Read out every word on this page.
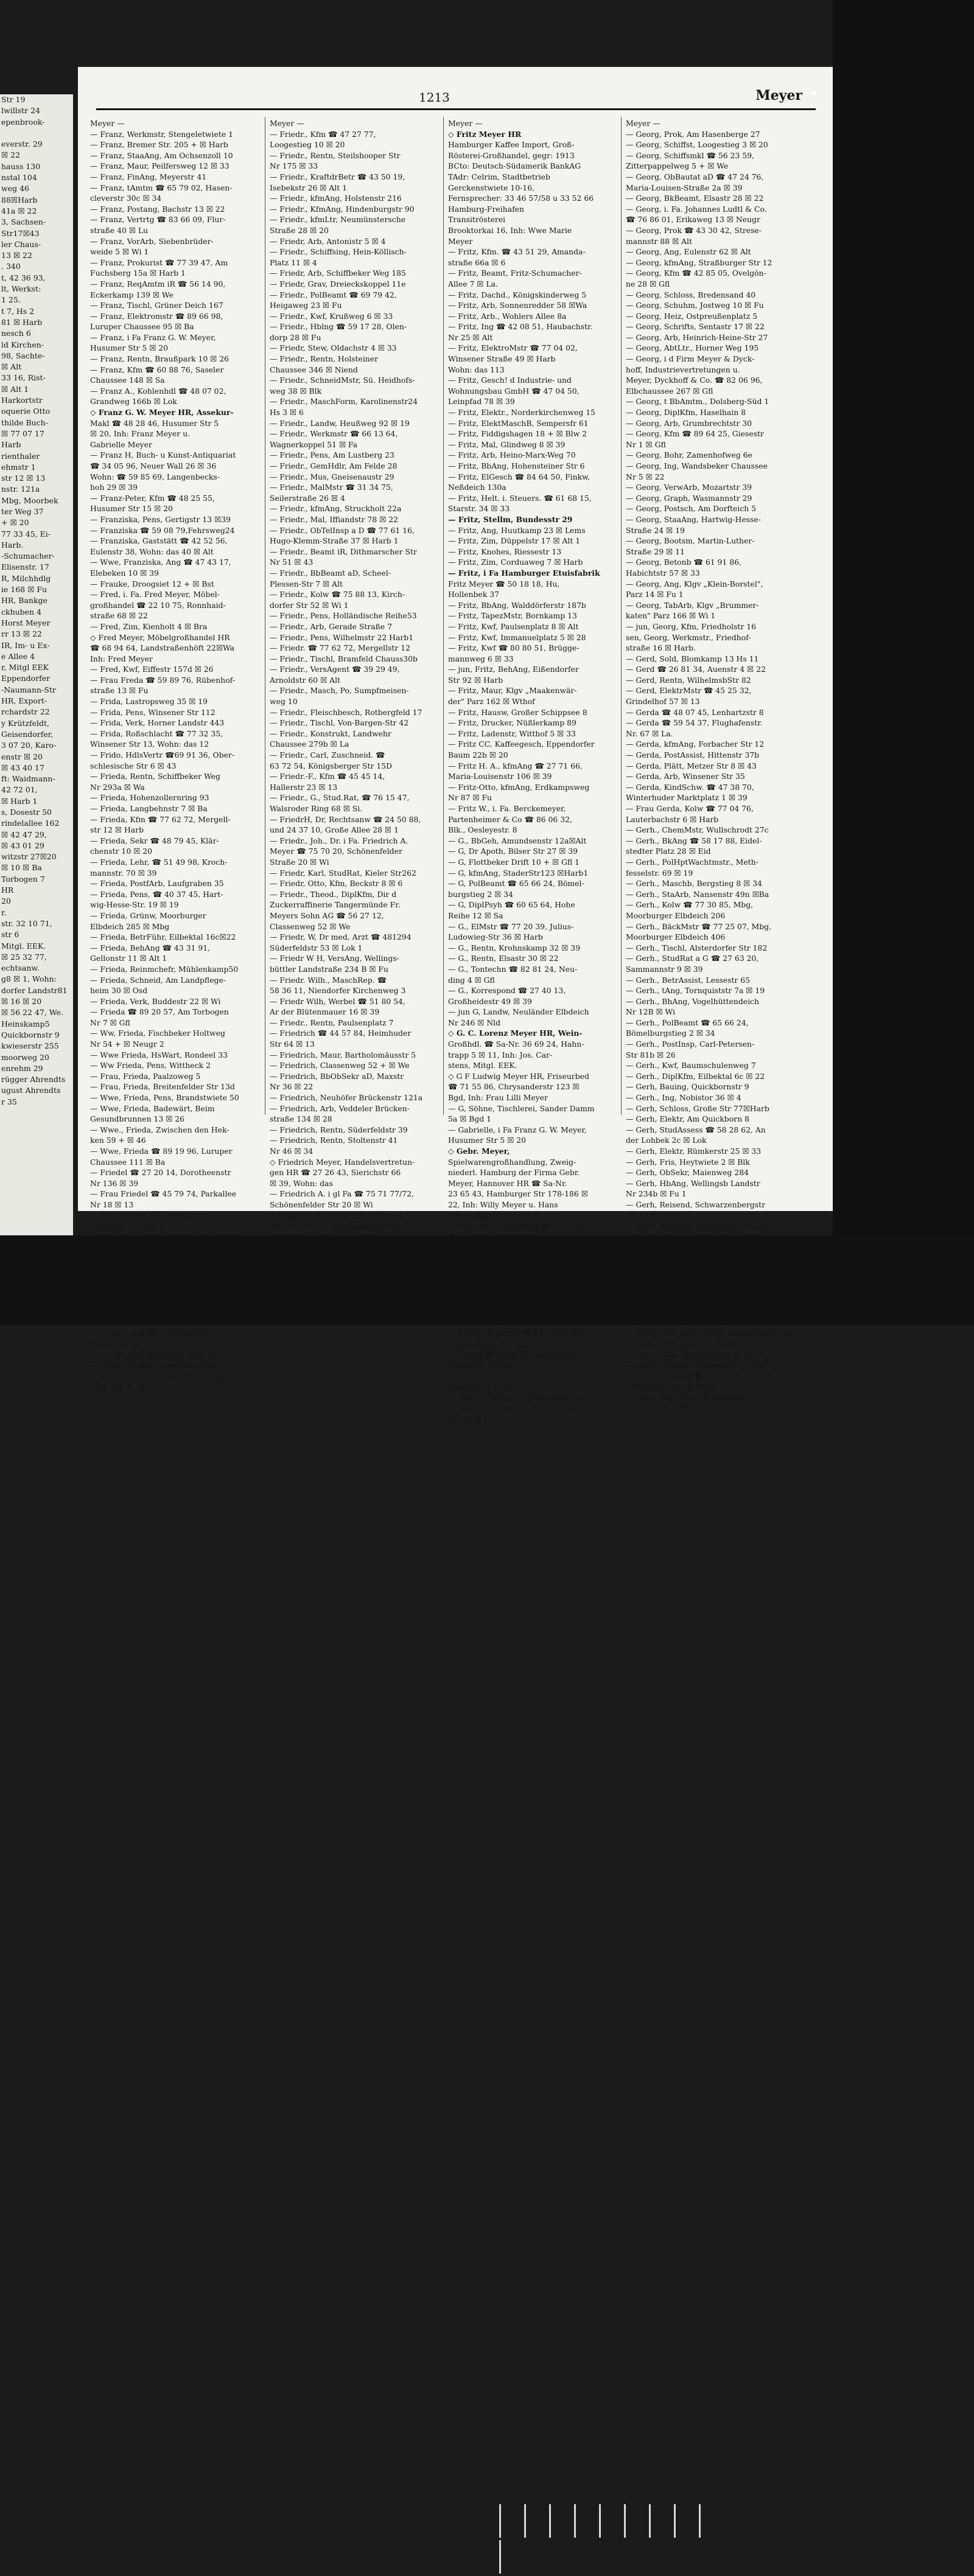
Str 19
lwillstr 24
epenbrook-

everstr. 29
☒ 22
hauss 130
nstal 104
weg 46
88☒Harb
41a ☒ 22
3, Sachsen-
Str17☒43
ler Chaus-
13 ☒ 22
. 340
t, 42 36 93,
lt, Werkst:
1 25.
t 7, Hs 2
81 ☒ Harb
nesch 6
ld Kirchen-
98, Sachte-
☒ Alt
33 16, Rist-
☒ Alt 1
Harkortstr
oquerie Otto
thilde Buch-
☒ 77 07 17
Harb
rienthaler
ehmstr 1
str 12 ☒ 13
nstr. 121a
Mbg, Moorbek
ter Weg 37
+ ☒ 20
77 33 45, Ei-
Harb.
-Schumacher-
Elisenstr. 17
R, Milchhdlg
ie 168 ☒ Fu
HR, Bankge
ckhuben 4
Horst Meyer
rr 13 ☒ 22
IR, Im- u Ex-
e Allee 4
r, Mitgl EEK
Eppendorfer
-Naumann-Str
HR, Export-
rchardstr 22
y Krützfeldt,
Geisendorfer,
3 07 20, Karo-
enstr ☒ 20
☒ 43 40 17
ft: Waidmann-
42 72 01,
☒ Harb 1
s, Dosestr 50
rindelallee 162
☒ 42 47 29,
☒ 43 01 29
witzstr 27☒20
☒ 10 ☒ Ba
Torbogen 7
HR
20
r.
str. 32 10 71,
str 6
Mitgl. EEK.
☒ 25 32 77,
echtsanw.
g8 ☒ 1, Wohn:
dorfer Landstr81
☒ 16 ☒ 20
☒ 56 22 47, We.
Heinskamp5
Quickbornstr 9
kwieserstr 255
moorweg 20
enrehm 29
rügger Ahrendts
ugust Ahrendts
r 35
1213	Meyer
Meyer —
— Franz, Werkmstr, Stengeletwiete 1
— Franz, Bremer Str. 205 + ☒ Harb
— Franz, StaaAng, Am Ochsenzoll 10
— Franz, Maur, Peilfersweg 12 ☒ 33
— Franz, FinAng, Meyerstr 41
— Franz, tAmtm ☎ 65 79 02, Hasen-
cleverstr 30c ☒ 34
— Franz, Postang, Bachstr 13 ☒ 22
— Franz, Vertrtg ☎ 83 66 09, Flur-
straße 40 ☒ Lu
— Franz, VorArb, Siebenbrüder-
weide 5 ☒ Wi 1
— Franz, Prokurist ☎ 77 39 47, Am
Fuchsberg 15a ☒ Harb 1
— Franz, ReqAmtm iR ☎ 56 14 90,
Eckerkamp 139 ☒ We
— Franz, Tischl, Grüner Deich 167
— Franz, Elektromstr ☎ 89 66 98,
Luruper Chaussee 95 ☒ Ba
— Franz, i Fa Franz G. W. Meyer,
Husumer Str 5 ☒ 20
— Franz, Rentn, Braußpark 10 ☒ 26
— Franz, Kfm ☎ 60 88 76, Saseler
Chaussee 148 ☒ Sa
— Franz A., Kohlenhdl ☎ 48 07 02,
Grandweg 166b ☒ Lok
◇ Franz G. W. Meyer HR, Assekur-
Makl ☎ 48 28 46, Husumer Str 5
☒ 20, Inh: Franz Meyer u.
Gabrielle Meyer
— Franz H, Buch- u Kunst-Antiquariat
☎ 34 05 96, Neuer Wall 26 ☒ 36
Wohn: ☎ 59 85 69, Langenbecks-
hoh 29 ☒ 39
— Franz-Peter, Kfm ☎ 48 25 55,
Husumer Str 15 ☒ 20
— Franziska, Pens, Gertigstr 13 ☒39
— Franziska ☎ 59 08 79,Fehrsweg24
— Franziska, Gaststätt ☎ 42 52 56,
Eulenstr 38, Wohn: das 40 ☒ Alt
— Wwe, Franziska, Ang ☎ 47 43 17,
Elebeken 10 ☒ 39
— Frauke, Droogsiet 12 + ☒ Bst
— Fred, i. Fa. Fred Meyer, Möbel-
großhandel ☎ 22 10 75, Ronnhaid-
straße 68 ☒ 22
— Fred, Zim, Kienholt 4 ☒ Bra
◇ Fred Meyer, Möbelgroßhandel HR
☎ 68 94 64, Landstraßenhöft 22☒Wa
Inh: Fred Meyer
— Fred, Kwf, Eiffestr 157d ☒ 26
— Frau Freda ☎ 59 89 76, Rübenhof-
straße 13 ☒ Fu
— Frida, Lastropsweg 35 ☒ 19
— Frida, Pens, Winsener Str 112
— Frida, Verk, Horner Landstr 443
— Frida, Roßschlacht ☎ 77 32 35,
Winsener Str 13, Wohn: das 12
— Frido, HdlsVertr ☎69 91 36, Ober-
schlesische Str 6 ☒ 43
— Frieda, Rentn, Schiffbeker Weg
Nr 293a ☒ Wa
— Frieda, Hohenzollernring 93
— Frieda, Langbehnstr 7 ☒ Ba
— Frieda, Kfm ☎ 77 62 72, Mergell-
str 12 ☒ Harb
— Frieda, Sekr ☎ 48 79 45, Klär-
chenstr 10 ☒ 20
— Frieda, Lehr, ☎ 51 49 98, Kroch-
mannstr. 70 ☒ 39
— Frieda, PostfArb, Laufgraben 35
— Frieda, Pens, ☎ 40 37 45, Hart-
wig-Hesse-Str. 19 ☒ 19
— Frieda, Grünw, Moorburger
Elbdeich 285 ☒ Mbg
— Frieda, BetrFühr, Eilbektal 16c☒22
— Frieda, BehAng ☎ 43 31 91,
Gellonstr 11 ☒ Alt 1
— Frieda, Reinmchefr, Mühlenkamp50
— Frieda, Schneid, Am Landpflege-
heim 30 ☒ Osd
— Frieda, Verk, Buddestr 22 ☒ Wi
— Frieda ☎ 89 20 57, Am Torbogen
Nr 7 ☒ Gfl
— Ww, Frieda, Fischbeker Holtweg
Nr 54 + ☒ Neugr 2
— Wwe Frieda, HsWart, Rondeel 33
— Ww Frieda, Pens, Wittheck 2
— Frau, Frieda, Paalzoweg 5
— Frau, Frieda, Breitenfelder Str 13d
— Wwe, Frieda, Pens, Brandstwiete 50
— Wwe, Frieda, Badewärt, Beim
Gesundbrunnen 13 ☒ 26
— Wwe., Frieda, Zwischen den Hek-
ken 59 + ☒ 46
— Wwe, Frieda ☎ 89 19 96, Luruper
Chaussee 111 ☒ Ba
— Friedel ☎ 27 20 14, Dorotheenstr
Nr 136 ☒ 39
— Frau Friedel ☎ 45 79 74, Parkallee
Nr 18 ☒ 13
— Ww, Friedel, Joh, KrkhsAng,
Jägerlaul 3 ☒ Lok 1
— Friedr., HafArb, Holländische
Reihe 7 ☒ Alt
— Friedr, Ing, Wiesenstr 33 ☒ 19
— Friedr, Schloss, Aue-Insel 13b
— Friedr, Bauarb, Klgv „Lehmkoppel,
Parz 234 ☒ 34
Meyer —
— Friedr., Kfm ☎ 47 27 77,
Loogestieg 10 ☒ 20
— Friedr., Rentn, Steilshooper Str
Nr 175 ☒ 33
— Friedr., KraftdrBetr ☎ 43 50 19,
Isebekstr 26 ☒ Alt 1
— Friedr., kfmAng, Holstenstr 216
— Friedr., KfmAng, Hindenburgstr 90
— Friedr., kfmLtr, Neumünstersche
Straße 28 ☒ 20
— Friedr, Arb, Antonistr 5 ☒ 4
— Friedr., Schiffsing, Hein-Köllisch-
Platz 11 ☒ 4
— Friedr, Arb, Schiffbeker Weg 185
— Friedr, Grav, Dreieckskoppel 11e
— Friedr., PolBeamt ☎ 69 79 42,
Heigaweg 23 ☒ Fu
— Friedr., Kwf, Krußweg 6 ☒ 33
— Friedr., Hblng ☎ 59 17 28, Olen-
dorp 28 ☒ Fu
— Friedr, Stew, Oldachstr 4 ☒ 33
— Friedr., Rentn, Holsteiner
Chaussee 346 ☒ Niend
— Friedr., SchneidMstr, Sü. Heidhofs-
weg 38 ☒ Blk
— Friedr., MaschForm, Karolinenstr24
Hs 3 ☒ 6
— Friedr., Landw, Heußweg 92 ☒ 19
— Friedr., Werkmstr ☎ 66 13 64,
Wagnerkoppel 51 ☒ Fa
— Friedr., Pens, Am Lustberg 23
— Friedr., GemHdlr, Am Felde 28
— Friedr., Mus, Gneisenaustr 29
— Friedr., MalMstr ☎ 31 34 75,
Seilerstraße 26 ☒ 4
— Friedr., kfmAng, Struckholt 22a
— Friedr., Mal, Iffiandstr 78 ☒ 22
— Friedr., ObTelInsp a D ☎ 77 61 16,
Hugo-Klemm-Straße 37 ☒ Harb 1
— Friedr., Beamt iR, Dithmarscher Str
Nr 51 ☒ 43
— Friedr., BbBeamt aD, Scheel-
Plessen-Str 7 ☒ Alt
— Friedr., Kolw ☎ 75 88 13, Kirch-
dorfer Str 52 ☒ Wi 1
— Friedr., Pens, Holländische Reihe53
— Friedr., Arb, Gerade Straße 7
— Friedr., Pens, Wilhelmstr 22 Harb1
— Friedr. ☎ 77 62 72, Mergellstr 12
— Friedr., Tischl, Bramfeld Chauss30b
— Friedr., VersAgent ☎ 39 29 49,
Arnoldstr 60 ☒ Alt
— Friedr., Masch, Po, Sumpfmeisen-
weg 10
— Friedr., Fleischbesch, Rotbergfeld 17
— Friedr., Tischl, Von-Bargen-Str 42
— Friedr., Konstrukt, Landwehr
Chaussee 279b ☒ La
— Friedr., Carl, Zuschneid. ☎
63 72 54, Königsberger Str 15D
— Friedr.-F., Kfm ☎ 45 45 14,
Hallerstr 23 ☒ 13
— Friedr., G., Stud.Rat, ☎ 76 15 47,
Walsroder Ring 68 ☒ Si.
— FriedrH, Dr, Rechtsanw ☎ 24 50 88,
und 24 37 10, Große Allee 28 ☒ 1
— Friedr., Joh., Dr. i Fa. Friedrich A.
Meyer ☎ 75 70 20, Schönenfelder
Straße 20 ☒ Wi
— Friedr, Karl, StudRat, Kieler Str262
— Friedr, Otto, Kfm, Beckstr 8 ☒ 6
— Friedr., Theod., DiplKfm, Dir d
Zuckerraffinerie Tangermünde Fr.
Meyers Sohn AG ☎ 56 27 12,
Classenweg 52 ☒ We
— Friedr, W, Dr med, Arzt ☎ 481294
Süderfeldstr 53 ☒ Lok 1
— Friedr W H, VersAng, Wellings-
büttler Landstraße 234 B ☒ Fu
— Friedr. Wilh., MaschRep. ☎
58 36 11, Niendorfer Kirchenweg 3
— Friedr Wilh, Werbel ☎ 51 80 54,
Ar der Blütenmauer 16 ☒ 39
— Friedr., Rentn, Paulsenplatz 7
— Friedrich ☎ 44 57 84, Heimhuder
Str 64 ☒ 13
— Friedrich, Maur, Bartholomäusstr 5
— Friedrich, Classenweg 52 + ☒ We
— Friedrich, BbObSekr aD, Maxstr
Nr 36 ☒ 22
— Friedrich, Neuhöfer Brückenstr 121a
— Friedrich, Arb, Veddeler Brücken-
straße 134 ☒ 28
— Friedrich, Rentn, Süderfeldstr 39
— Friedrich, Rentn, Stoltenstr 41
Nr 46 ☒ 34
◇ Friedrich Meyer, Handelsvertretun-
gen HR ☎ 27 26 43, Sierichstr 66
☒ 39, Wohn: das
— Friedrich A. i gl Fa ☎ 75 71 77/72,
Schönenfelder Str 20 ☒ Wi
◇ Friedrich A. Meyer HR Bäckerei
☎ 75 71 71/72, Schönenfelder Str
Meyer —
◇ Fritz Meyer HR
Hamburger Kaffee Import, Groß-
Rösterei-Großhandel, gegr: 1913
BCto: Deutsch-Südamerik BankAG
TAdr: Celrim, Stadtbetrieb
Gerckenstwiete 10-16,
Fernsprecher: 33 46 57/58 u 33 52 66
Hamburg-Freihafen
Transitrösterei
Brooktorkai 16, Inh: Wwe Marie
Meyer
— Fritz, Kfm. ☎ 43 51 29, Amanda-
straße 66a ☒ 6
— Fritz, Beamt, Fritz-Schumacher-
Allee 7 ☒ La.
— Fritz, Dachd., Königskinderweg 5
— Fritz, Arb, Sonnenredder 58 ☒Wa
— Fritz, Arb., Wohlers Allee 8a
— Fritz, Ing ☎ 42 08 51, Haubachstr.
Nr 25 ☒ Alt
— Fritz, ElektroMstr ☎ 77 04 02,
Winsener Straße 49 ☒ Harb
Wohn: das 113
— Fritz, Gesch! d Industrie- und
Wohnungsbau GmbH ☎ 47 04 50,
Leinpfad 78 ☒ 39
— Fritz, Elektr., Norderkirchenweg 15
— Fritz, ElektMaschB, Sempersfr 61
— Fritz, Fiddigshagen 18 + ☒ Blw 2
— Fritz, Mal, Glindweg 8 ☒ 39
— Fritz, Arb, Heino-Marx-Weg 70
— Fritz, BbAng, Hohensteiner Str 6
— Fritz, ElGesch ☎ 84 64 50, Finkw,
Neßdeich 130a
— Fritz, Helt. i. Steuers. ☎ 61 68 15,
Starstr. 34 ☒ 33
— Fritz, Stellm, Bundesstr 29
— Fritz, Ang, Huutkamp 23 ☒ Lems
— Fritz, Zim, Düppelstr 17 ☒ Alt 1
— Fritz, Knohes, Riessestr 13
— Fritz, Zim, Corduaweg 7 ☒ Harb
— Fritz, i Fa Hamburger Etuisfabrik
Fritz Meyer ☎ 50 18 18, Hu,
Hollenbek 37
— Fritz, BbAng, Walddörferstr 187b
— Fritz, TapezMstr, Bornkamp 13
— Fritz, Kwf, Paulsenplatz 8 ☒ Alt
— Fritz, Kwf, Immanuelplatz 5 ☒ 28
— Fritz, Kwf ☎ 80 80 51, Brügge-
mannweg 6 ☒ 33
— jun, Fritz, BehAng, Eißendorfer
Str 92 ☒ Harb
— Fritz, Maur, Klgv „Maakenwär-
der" Parz 162 ☒ Wthof
— Fritz, Hausw, Großer Schippsee 8
— Fritz, Drucker, Nüßlerkamp 89
— Fritz, Ladenstr, Witthof 5 ☒ 33
— Fritz CC, Kaffeegesch, Eppendorfer
Baum 22b ☒ 20
— Fritz H. A., kfmAng ☎ 27 71 66,
Maria-Louisenstr 106 ☒ 39
— Fritz-Otto, kfmAng, Erdkampsweg
Nr 87 ☒ Fu
— Fritz W., i. Fa. Berckemeyer,
Partenheimer & Co ☎ 86 06 32,
Blk., Oesleyestr. 8
— G., BbGeh, Amundsenstr 12a☒Alt
— G, Dr Apoth, Bilser Str 27 ☒ 39
— G, Flottbeker Drift 10 + ☒ Gfl 1
— G, kfmAng, StaderStr123 ☒Harb1
— G, PolBeamt ☎ 65 66 24, Bömel-
burgstieg 2 ☒ 34
— G, DiplPsyh ☎ 60 65 64, Hohe
Reihe 12 ☒ Sa
— G., ElMstr ☎ 77 20 39, Julius-
Ludowieg-Str 36 ☒ Harb
— G., Rentn, Krohnskamp 32 ☒ 39
— G., Rentn, Elsastr 30 ☒ 22
— G., Tontechn ☎ 82 81 24, Neu-
ding 4 ☒ Gfl
— G., Korrespond ☎ 27 40 13,
Großheidestr 49 ☒ 39
— jun G, Landw, Neuländer Elbdeich
Nr 246 ☒ Nld
◇ G. C. Lorenz Meyer HR, Wein-
Großhdl. ☎ Sa-Nr. 36 69 24, Hahn-
trapp 5 ☒ 11, Inh: Jos. Car-
stens, Mitgl. EEK.
◇ G F Ludwig Meyer HR, Friseurbed
☎ 71 55 86, Chrysanderstr 123 ☒
Bgd, Inh: Frau Lilli Meyer
— G, Söhne, Tischlerei, Sander Damm
5a ☒ Bgd 1
— Gabrielle, i Fa Franz G. W. Meyer,
Husumer Str 5 ☒ 20
◇ Gebr. Meyer,
Spielwarengroßhandlung, Zweig-
niederl. Hamburg der Firma Gebr.
Meyer, Hannover HR ☎ Sa-Nr.
23 65 43, Hamburger Str 178-186 ☒
22, Inh: Willy Meyer u. Hans
Meyer, beide Hannover
— Gebr, Wwe, Milchhdl ☎ 42 81 41,
— Georg, Zigarren ☎ 21 70 45, Sie-
vekingsallee 100 ☒ 26
— Georg ☎ 62 89 05, Volksdorfer
Damm 85 ☒ Bgst
— Georg, PostbetrAssist, i. R., Peif-
fersweg 17 ☒ 33
— Georg, Filmvorf, Colonnaden 15
— Georg, KondMstr., An der Alster
Nr. 81 ☒ 1
Meyer —
— Georg, Prok, Am Hasenberge 27
— Georg, Schiffst, Loogestieg 3 ☒ 20
— Georg, Schiffsmkl ☎ 56 23 59,
Zitterpappelweg 5 + ☒ We
— Georg, ObBautat aD ☎ 47 24 76,
Maria-Louisen-Straße 2a ☒ 39
— Georg, BkBeamt, Elsastr 28 ☒ 22
— Georg, i. Fa. Johannes Ludtl & Co.
☎ 76 86 01, Erikaweg 13 ☒ Neugr
— Georg, Prok ☎ 43 30 42, Strese-
mannstr 88 ☒ Alt
— Georg, Ang, Eulenstr 62 ☒ Alt
— Georg, kfmAng, Straßburger Str 12
— Georg, Kfm ☎ 42 85 05, Ovelgön-
ne 28 ☒ Gfl
— Georg, Schloss, Bredensand 40
— Georg, Schuhm, Jostweg 10 ☒ Fu
— Georg, Heiz, Ostpreußenplatz 5
— Georg, Schrifts, Sentastr 17 ☒ 22
— Georg, Arb, Heinrich-Heine-Str 27
— Georg, AbtLtr., Horner Weg 195
— Georg, i d Firm Meyer & Dyck-
hoff, Industrievertretungen u.
Meyer, Dyckhoff & Co. ☎ 82 06 96,
Elbchaussee 267 ☒ Gfl
— Georg, t BbAmtm., Dolsberg-Süd 1
— Georg, DiplKfm, Haselhain 8
— Georg, Arb, Grumbrechtstr 30
— Georg, Kfm ☎ 89 64 25, Giesestr
Nr 1 ☒ Gfl
— Georg, Bohr, Zamenhofweg 6e
— Georg, Ing, Wandsbeker Chaussee
Nr 5 ☒ 22
— Georg, VerwArb, Mozartstr 39
— Georg, Graph, Wasmannstr 29
— Georg, Postsch, Am Dorfteich 5
— Georg, StaaAng, Hartwig-Hesse-
Straße 24 ☒ 19
— Georg, Bootsm, Martin-Luther-
Straße 29 ☒ 11
— Georg, Betonb ☎ 61 91 86,
Habichtstr 57 ☒ 33
— Georg, Ang, Klgv „Klein-Borstel",
Parz 14 ☒ Fu 1
— Georg, TabArb, Klgv „Brummer-
katen" Parz 166 ☒ Wi 1
— jun, Georg, Kfm, Friedholstr 16
sen, Georg, Werkmstr., Friedhof-
straße 16 ☒ Harb.
— Gerd, Sold, Blomkamp 13 Hs 11
— Gerd ☎ 26 81 34, Auenstr 4 ☒ 22
— Gerd, Rentn, WilhelmsbStr 82
— Gerd, ElektrMstr ☎ 45 25 32,
Grindelhof 57 ☒ 13
— Gerda ☎ 48 07 45, Lenhartzstr 8
— Gerda ☎ 59 54 37, Flughafenstr.
Nr. 67 ☒ La.
— Gerda, kfmAng, Forbacher Str 12
— Gerda, PostAssist, Hittenstr 37b
— Gerda, Plätt, Metzer Str 8 ☒ 43
— Gerda, Arb, Winsener Str 35
— Gerda, KindSchw. ☎ 47 38 70,
Winterhuder Marktplatz 1 ☒ 39
— Frau Gerda, Kolw ☎ 77 04 76,
Lauterbachstr 6 ☒ Harb
— Gerh., ChemMstr, Wullschrodt 27c
— Gerh., BkAng ☎ 58 17 88, Eidel-
stedter Platz 28 ☒ Eid
— Gerh., PolHptWachtmstr., Meth-
fesselstr. 69 ☒ 19
— Gerh., Maschb, Bergstieg 8 ☒ 34
— Gerh., StaArb, Nansenstr 49n ☒Ba
— Gerh., Kolw ☎ 77 30 85, Mbg,
Moorburger Elbdeich 206
— Gerh., BäckMstr ☎ 77 25 07, Mbg,
Moorburger Elbdeich 406
— Gerh., Tischl, Alsterdorfer Str 182
— Gerh., StudRat a G ☎ 27 63 20,
Sammannstr 9 ☒ 39
— Gerh., BetrAssist, Lessestr 65
— Gerh., tAng, Tornquiststr 7a ☒ 19
— Gerh., BhAng, Vogelhüttendeich
Nr 12B ☒ Wi
— Gerh., PolBeamt ☎ 65 66 24,
Bömelburgstieg 2 ☒ 34
— Gerh., PostInsp, Carl-Petersen-
Str 81b ☒ 26
— Gerh., Kwf, Baumschulenweg 7
— Gerh., DiplKfm, Eilbektal 6c ☒ 22
— Gerh, Bauing, Quickbornstr 9
— Gerh., Ing, Nobistor 36 ☒ 4
— Gerh, Schloss, Große Str 77☒Harb
— Gerh, Elektr, Am Quickborn 8
— Gerh, StudAssess ☎ 58 28 62, An
der Lohbek 2c ☒ Lok
— Gerh, Elektr, Rümkerstr 25 ☒ 33
— Gerh, Fris, Heytwiete 2 ☒ Blk
— Gerh, ObSekr, Maienweg 284
— Gerh, HbAng, Wellingsb Landstr
Nr 234b ☒ Fu 1
— Gerh, Reisend, Schwarzenbergstr
Nr 42 ☒ Harb
— Gerh, Plattens, Querkamp 65 ☒ 34
— Gerh, Lehr ☎ 55 85 92, Riekbornweg 11a
— Gerh., Arb, Klgv 515 Parz 46
— Gerh, Glas, Schmüserstr 26 ☒ Wa
— Gerh., Schrifts, Vogesenstr 12☒43
— Gerh., kfmAng ☎ 69 98 56, Wiesen-
selmünder Str 10 ☒ 43
— Gerh, Ang, Klgv „Sophienstr",
Parzelle 48 ☒ Wa 1
